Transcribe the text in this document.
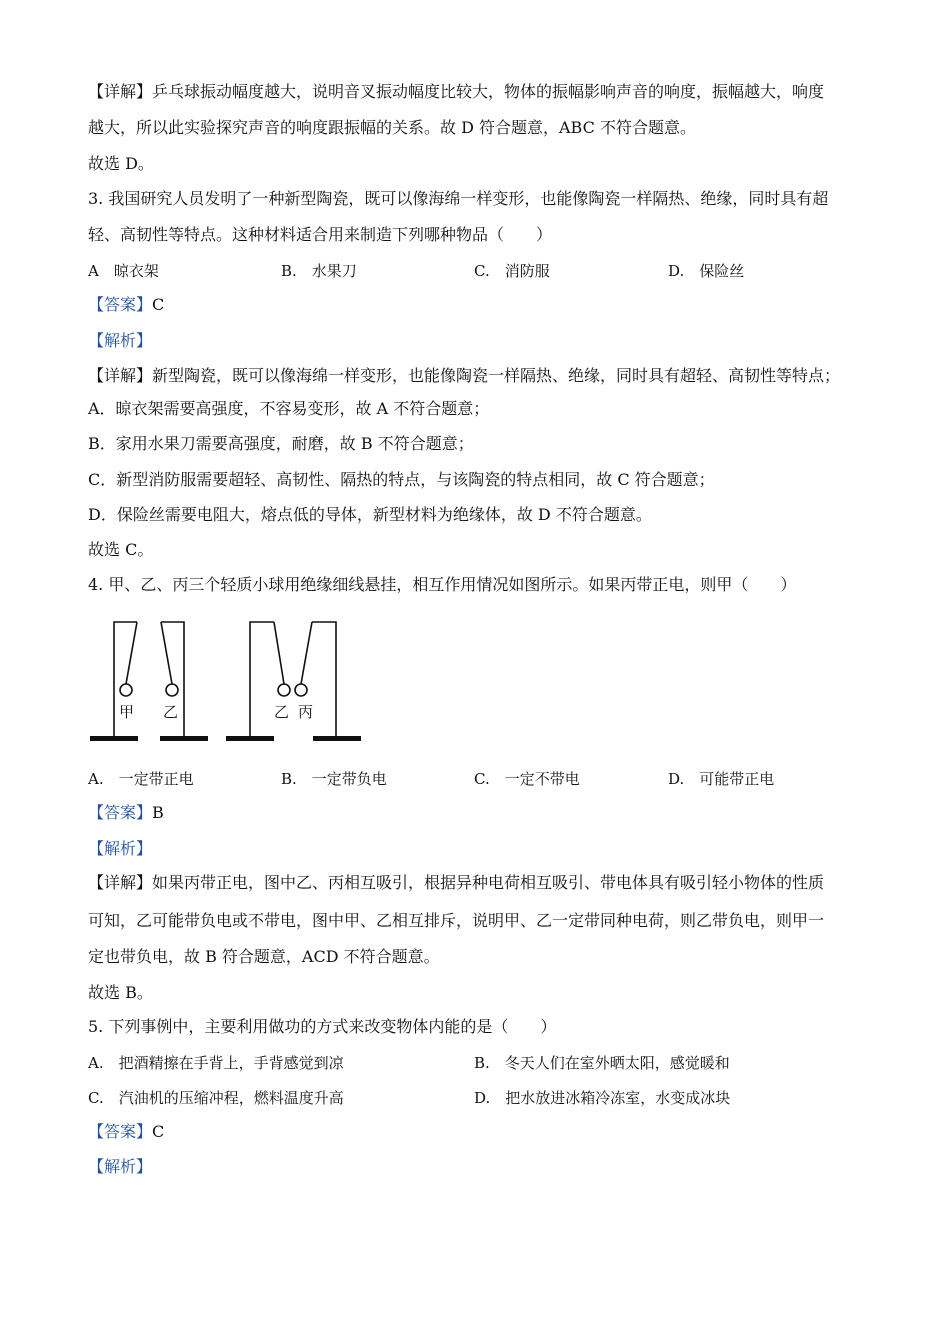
【详解】乒乓球振动幅度越大，说明音叉振动幅度比较大，物体的振幅影响声音的响度，振幅越大，响度
越大，所以此实验探究声音的响度跟振幅的关系。故 D 符合题意，ABC 不符合题意。
故选 D。
3. 我国研究人员发明了一种新型陶瓷，既可以像海绵一样变形，也能像陶瓷一样隔热、绝缘，同时具有超
轻、高韧性等特点。这种材料适合用来制造下列哪种物品（　　）
A　晾衣架	B.　水果刀	C.　消防服	D.　保险丝
【答案】C
【解析】
【详解】新型陶瓷，既可以像海绵一样变形，也能像陶瓷一样隔热、绝缘，同时具有超轻、高韧性等特点；
A．晾衣架需要高强度，不容易变形，故 A 不符合题意；
B．家用水果刀需要高强度，耐磨，故 B 不符合题意；
C．新型消防服需要超轻、高韧性、隔热的特点，与该陶瓷的特点相同，故 C 符合题意；
D．保险丝需要电阻大，熔点低的导体，新型材料为绝缘体，故 D 不符合题意。
故选 C。
4. 甲、乙、丙三个轻质小球用绝缘细线悬挂，相互作用情况如图所示。如果丙带正电，则甲（　　）
甲 乙	乙 丙
A.　一定带正电	B.　一定带负电	C.　一定不带电	D.　可能带正电
【答案】B
【解析】
【详解】如果丙带正电，图中乙、丙相互吸引，根据异种电荷相互吸引、带电体具有吸引轻小物体的性质
可知，乙可能带负电或不带电，图中甲、乙相互排斥，说明甲、乙一定带同种电荷，则乙带负电，则甲一
定也带负电，故 B 符合题意，ACD 不符合题意。
故选 B。
5. 下列事例中，主要利用做功的方式来改变物体内能的是（　　）
A.　把酒精擦在手背上，手背感觉到凉	B.　冬天人们在室外晒太阳，感觉暖和
C.　汽油机的压缩冲程，燃料温度升高	D.　把水放进冰箱冷冻室，水变成冰块
【答案】C
【解析】
